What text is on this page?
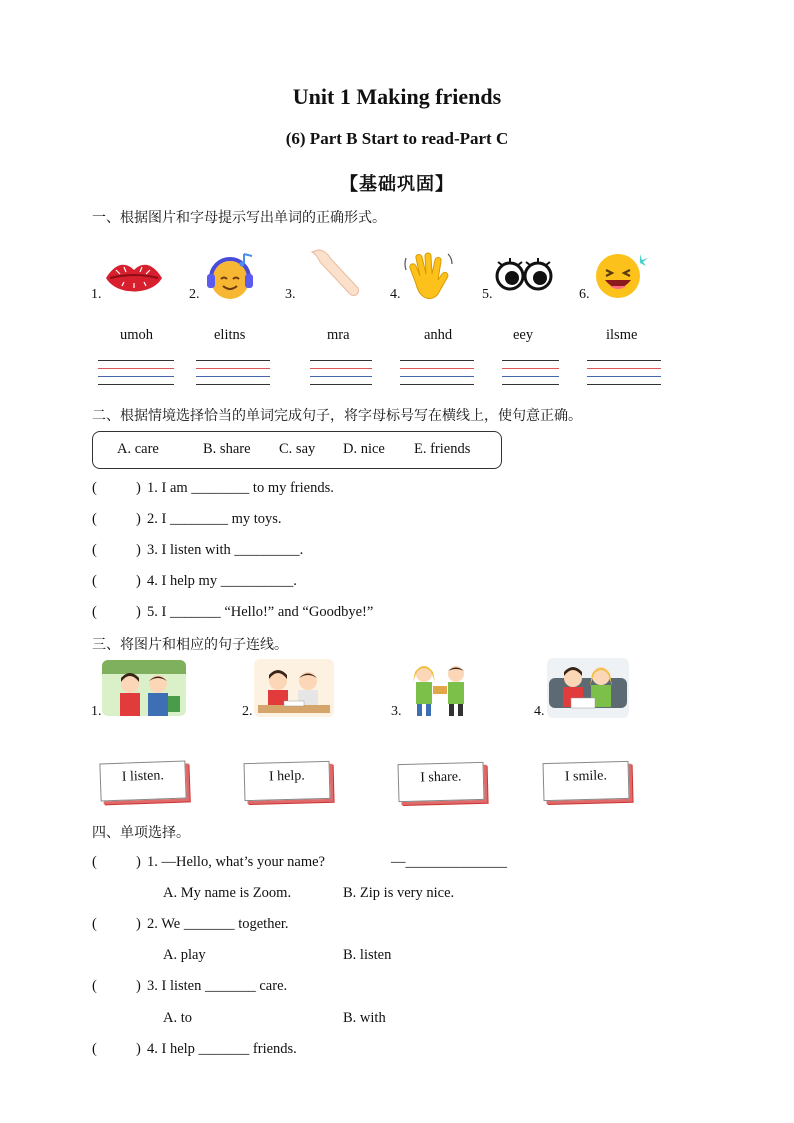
Unit 1 Making friends
(6) Part B Start to read-Part C
【基础巩固】
一、根据图片和字母提示写出单词的正确形式。
1.	2.	3.	4.	5.	6.
umoh	elitns	mra	anhd	eey	ilsme
二、根据情境选择恰当的单词完成句子，将字母标号写在横线上，使句意正确。
A. care	B. share C. say D. nice E. friends
(	) 1. I am ________ to my friends.
(	) 2. I ________ my toys.
(	) 3. I listen with _________.
(	) 4. I help my __________.
(	) 5. I _______ “Hello!” and “Goodbye!”
三、将图片和相应的句子连线。
1.	2.	3.	4.
I listen.	I help.	I share.	I smile.
四、单项选择。
(	) 1. —Hello, what’s your name?	—______________
A. My name is Zoom.	B. Zip is very nice.
(	) 2. We _______ together.
A. play	B. listen
(	) 3. I listen _______ care.
A. to	B. with
(	) 4. I help _______ friends.
